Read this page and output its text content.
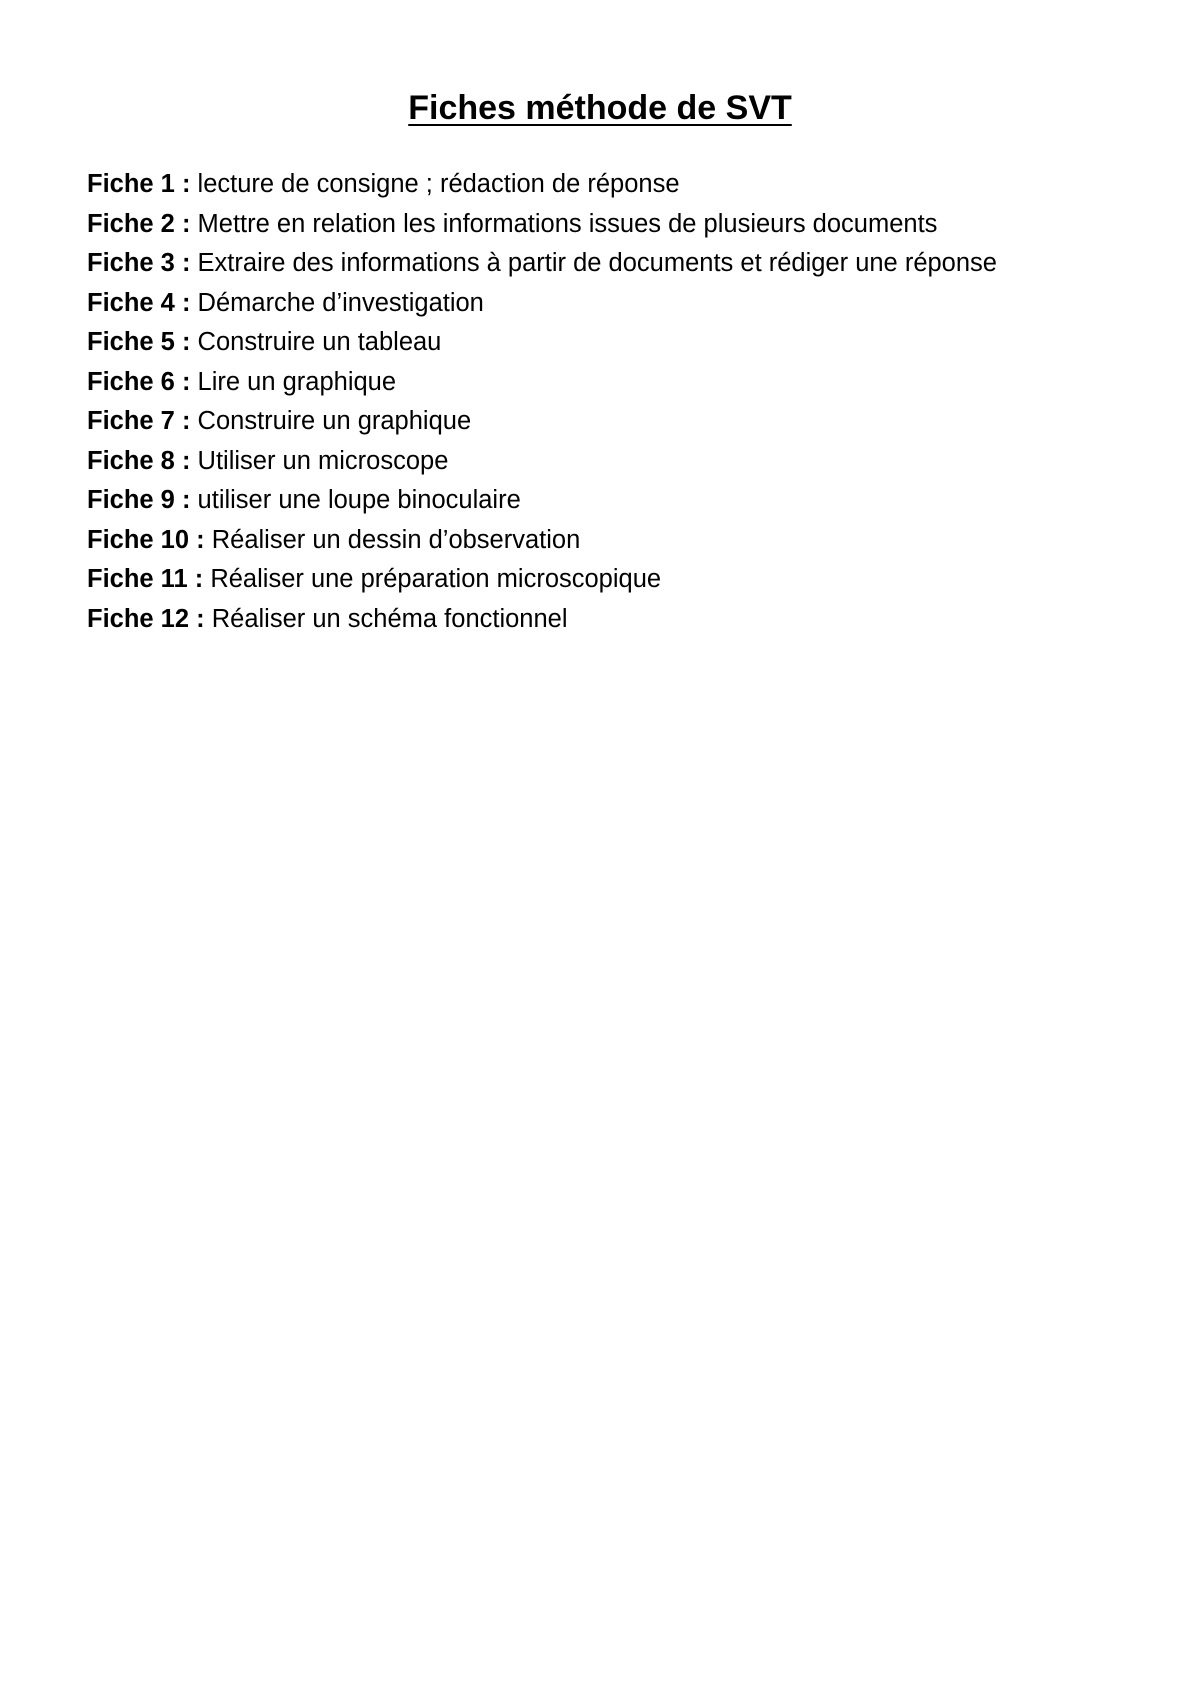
Fiches méthode de SVT
Fiche 1 : lecture de consigne ; rédaction de réponse
Fiche 2 : Mettre en relation les informations issues de plusieurs documents
Fiche 3 : Extraire des informations à partir de documents et rédiger une réponse
Fiche 4 : Démarche d’investigation
Fiche 5 : Construire un tableau
Fiche 6 : Lire un graphique
Fiche 7 : Construire un graphique
Fiche 8 : Utiliser un microscope
Fiche 9 : utiliser une loupe binoculaire
Fiche 10 : Réaliser un dessin d’observation
Fiche 11 : Réaliser une préparation microscopique
Fiche 12 : Réaliser un schéma fonctionnel
